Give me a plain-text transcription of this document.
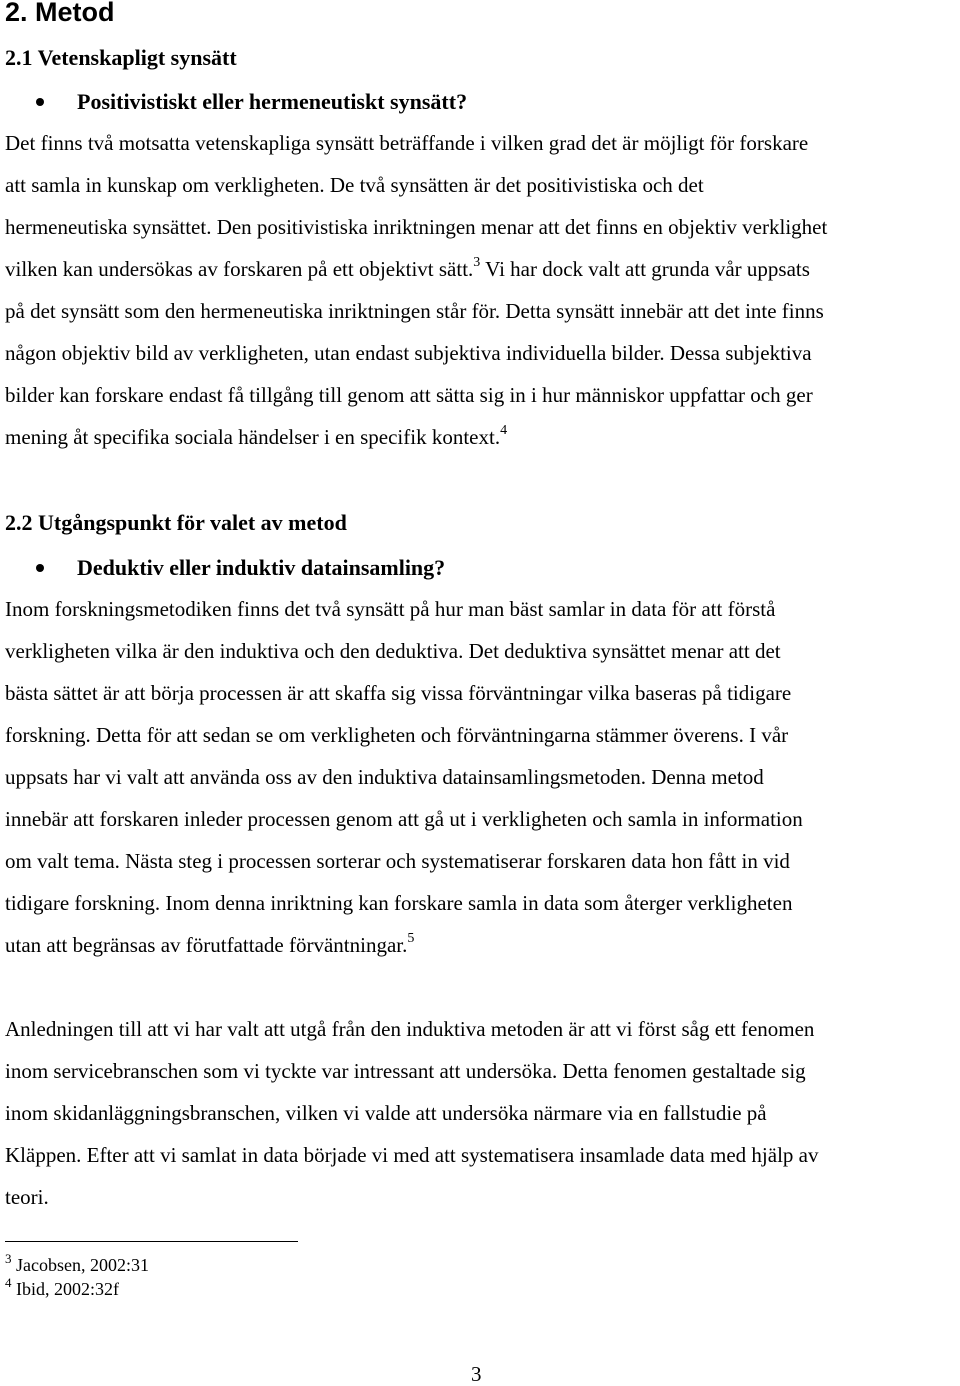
2. Metod
2.1 Vetenskapligt synsätt
Positivistiskt eller hermeneutiskt synsätt?
Det finns två motsatta vetenskapliga synsätt beträffande i vilken grad det är möjligt för forskare
att samla in kunskap om verkligheten. De två synsätten är det positivistiska och det
hermeneutiska synsättet. Den positivistiska inriktningen menar att det finns en objektiv verklighet
vilken kan undersökas av forskaren på ett objektivt sätt.$^3$ Vi har dock valt att grunda vår uppsats
på det synsätt som den hermeneutiska inriktningen står för. Detta synsätt innebär att det inte finns
någon objektiv bild av verkligheten, utan endast subjektiva individuella bilder. Dessa subjektiva
bilder kan forskare endast få tillgång till genom att sätta sig in i hur människor uppfattar och ger
mening åt specifika sociala händelser i en specifik kontext.$^4$
2.2 Utgångspunkt för valet av metod
Deduktiv eller induktiv datainsamling?
Inom forskningsmetodiken finns det två synsätt på hur man bäst samlar in data för att förstå
verkligheten vilka är den induktiva och den deduktiva. Det deduktiva synsättet menar att det
bästa sättet är att börja processen är att skaffa sig vissa förväntningar vilka baseras på tidigare
forskning. Detta för att sedan se om verkligheten och förväntningarna stämmer överens. I vår
uppsats har vi valt att använda oss av den induktiva datainsamlingsmetoden. Denna metod
innebär att forskaren inleder processen genom att gå ut i verkligheten och samla in information
om valt tema. Nästa steg i processen sorterar och systematiserar forskaren data hon fått in vid
tidigare forskning. Inom denna inriktning kan forskare samla in data som återger verkligheten
utan att begränsas av förutfattade förväntningar.$^5$
Anledningen till att vi har valt att utgå från den induktiva metoden är att vi först såg ett fenomen
inom servicebranschen som vi tyckte var intressant att undersöka. Detta fenomen gestaltade sig
inom skidanläggningsbranschen, vilken vi valde att undersöka närmare via en fallstudie på
Kläppen. Efter att vi samlat in data började vi med att systematisera insamlade data med hjälp av
teori.
$^3$ Jacobsen, 2002:31
$^4$ Ibid, 2002:32f
3
